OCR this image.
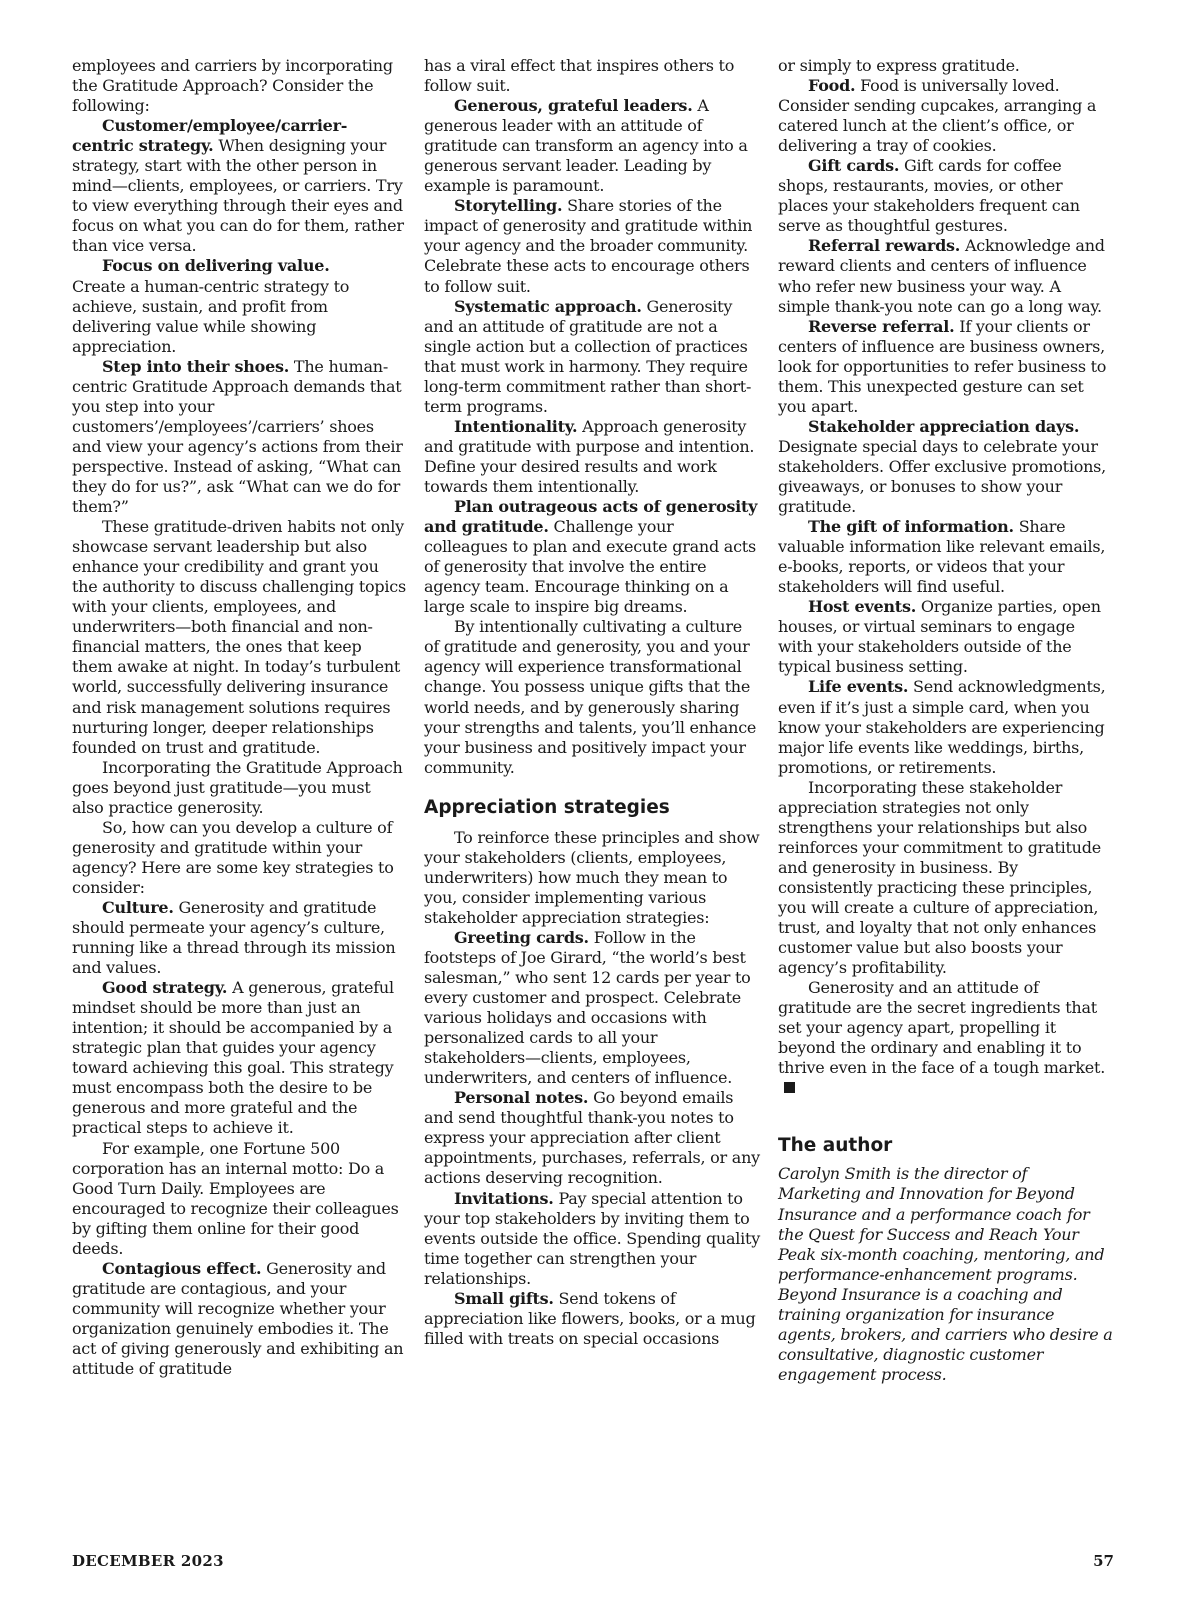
employees and carriers by incorporating the Gratitude Approach? Consider the following:

Customer/employee/carrier-centric strategy. When designing your strategy, start with the other person in mind—clients, employees, or carriers. Try to view everything through their eyes and focus on what you can do for them, rather than vice versa.

Focus on delivering value.

Create a human-centric strategy to achieve, sustain, and profit from delivering value while showing appreciation.

Step into their shoes. The human-centric Gratitude Approach demands that you step into your customers’/employees’/carriers’ shoes and view your agency’s actions from their perspective. Instead of asking, “What can they do for us?”, ask “What can we do for them?”

These gratitude-driven habits not only showcase servant leadership but also enhance your credibility and grant you the authority to discuss challenging topics with your clients, employees, and underwriters—both financial and non-financial matters, the ones that keep them awake at night. In today’s turbulent world, successfully delivering insurance and risk management solutions requires nurturing longer, deeper relationships founded on trust and gratitude.

Incorporating the Gratitude Approach goes beyond just gratitude—you must also practice generosity.

So, how can you develop a culture of generosity and gratitude within your agency? Here are some key strategies to consider:

Culture. Generosity and gratitude should permeate your agency’s culture, running like a thread through its mission and values.

Good strategy. A generous, grateful mindset should be more than just an intention; it should be accompanied by a strategic plan that guides your agency toward achieving this goal. This strategy must encompass both the desire to be generous and more grateful and the practical steps to achieve it.

For example, one Fortune 500 corporation has an internal motto: Do a Good Turn Daily. Employees are encouraged to recognize their colleagues by gifting them online for their good deeds.

Contagious effect. Generosity and gratitude are contagious, and your community will recognize whether your organization genuinely embodies it. The act of giving generously and exhibiting an attitude of gratitude

has a viral effect that inspires others to follow suit.

Generous, grateful leaders. A generous leader with an attitude of gratitude can transform an agency into a generous servant leader. Leading by example is paramount.

Storytelling. Share stories of the impact of generosity and gratitude within your agency and the broader community. Celebrate these acts to encourage others to follow suit.

Systematic approach. Generosity and an attitude of gratitude are not a single action but a collection of practices that must work in harmony. They require long-term commitment rather than short-term programs.

Intentionality. Approach generosity and gratitude with purpose and intention. Define your desired results and work towards them intentionally.

Plan outrageous acts of generosity and gratitude. Challenge your colleagues to plan and execute grand acts of generosity that involve the entire agency team. Encourage thinking on a large scale to inspire big dreams.

By intentionally cultivating a culture of gratitude and generosity, you and your agency will experience transformational change. You possess unique gifts that the world needs, and by generously sharing your strengths and talents, you’ll enhance your business and positively impact your community.

Appreciation strategies

To reinforce these principles and show your stakeholders (clients, employees, underwriters) how much they mean to you, consider implementing various stakeholder appreciation strategies:

Greeting cards. Follow in the footsteps of Joe Girard, “the world’s best salesman,” who sent 12 cards per year to every customer and prospect. Celebrate various holidays and occasions with personalized cards to all your stakeholders—clients, employees, underwriters, and centers of influence.

Personal notes. Go beyond emails and send thoughtful thank-you notes to express your appreciation after client appointments, purchases, referrals, or any actions deserving recognition.

Invitations. Pay special attention to your top stakeholders by inviting them to events outside the office. Spending quality time together can strengthen your relationships.

Small gifts. Send tokens of appreciation like flowers, books, or a mug filled with treats on special occasions

or simply to express gratitude.

Food. Food is universally loved. Consider sending cupcakes, arranging a catered lunch at the client’s office, or delivering a tray of cookies.

Gift cards. Gift cards for coffee shops, restaurants, movies, or other places your stakeholders frequent can serve as thoughtful gestures.

Referral rewards. Acknowledge and reward clients and centers of influence who refer new business your way. A simple thank-you note can go a long way.

Reverse referral. If your clients or centers of influence are business owners, look for opportunities to refer business to them. This unexpected gesture can set you apart.

Stakeholder appreciation days. Designate special days to celebrate your stakeholders. Offer exclusive promotions, giveaways, or bonuses to show your gratitude.

The gift of information. Share valuable information like relevant emails, e-books, reports, or videos that your stakeholders will find useful.

Host events. Organize parties, open houses, or virtual seminars to engage with your stakeholders outside of the typical business setting.

Life events. Send acknowledgments, even if it’s just a simple card, when you know your stakeholders are experiencing major life events like weddings, births, promotions, or retirements.

Incorporating these stakeholder appreciation strategies not only strengthens your relationships but also reinforces your commitment to gratitude and generosity in business. By consistently practicing these principles, you will create a culture of appreciation, trust, and loyalty that not only enhances customer value but also boosts your agency’s profitability.

Generosity and an attitude of gratitude are the secret ingredients that set your agency apart, propelling it beyond the ordinary and enabling it to thrive even in the face of a tough market.

The author

Carolyn Smith is the director of Marketing and Innovation for Beyond Insurance and a performance coach for the Quest for Success and Reach Your Peak six-month coaching, mentoring, and performance-enhancement programs. Beyond Insurance is a coaching and training organization for insurance agents, brokers, and carriers who desire a consultative, diagnostic customer engagement process.

DECEMBER 2023	57
